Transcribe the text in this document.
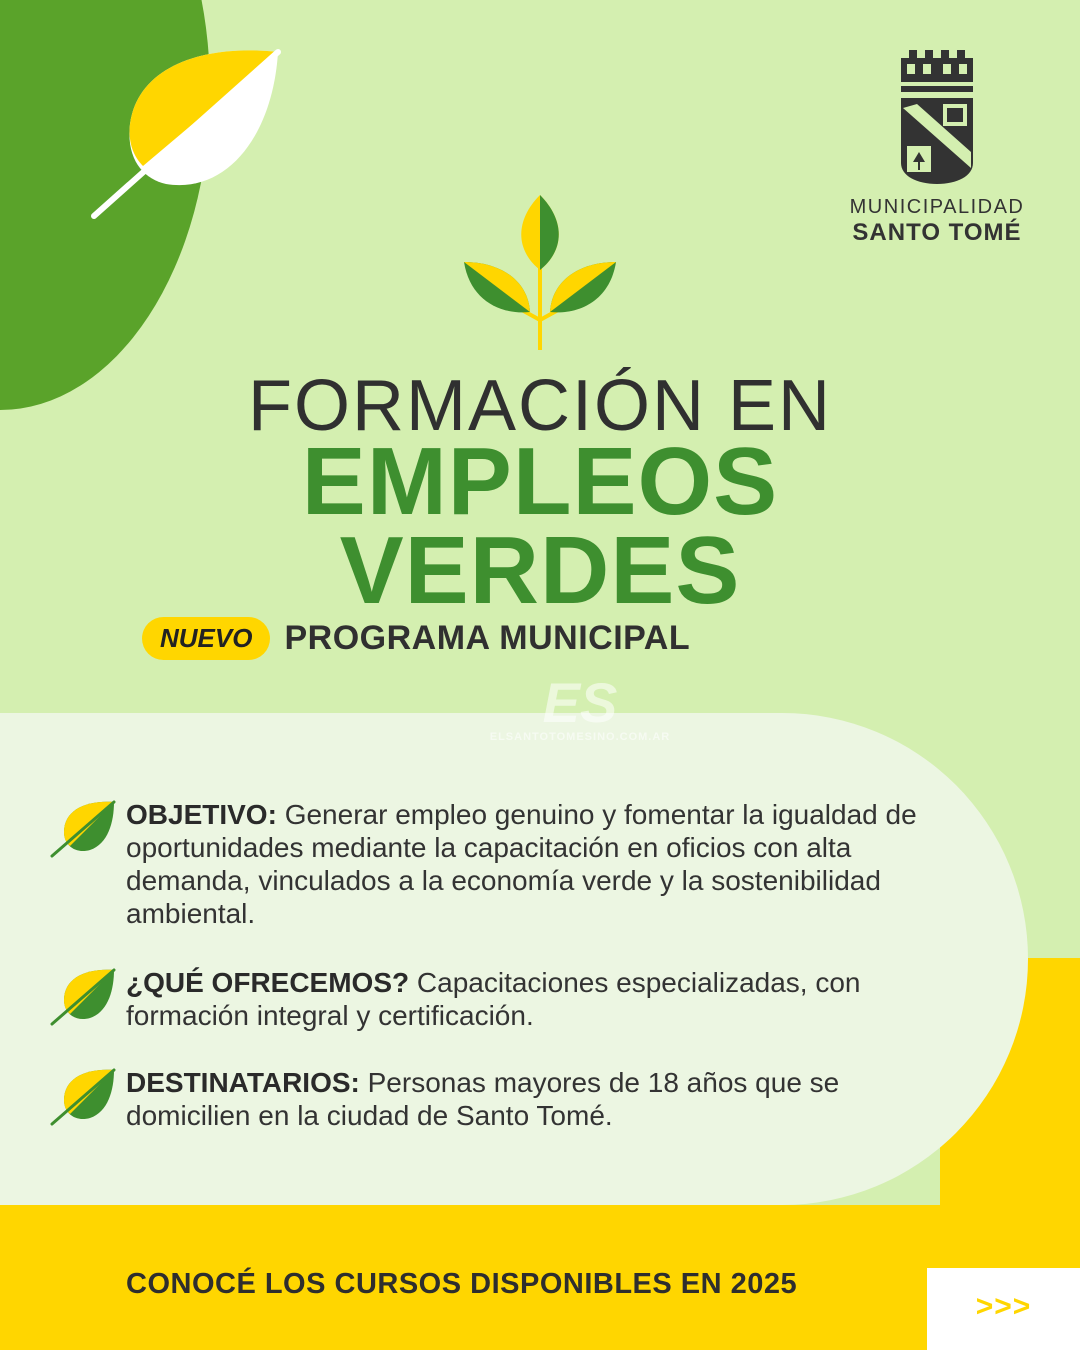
MUNICIPALIDAD
SANTO TOMÉ
FORMACIÓN EN
EMPLEOS
VERDES
NUEVO PROGRAMA MUNICIPAL
ES
ELSANTOTOMESINO.COM.AR
OBJETIVO: Generar empleo genuino y fomentar la igualdad de oportunidades mediante la capacitación en oficios con alta demanda, vinculados a la economía verde y la sostenibilidad ambiental.
¿QUÉ OFRECEMOS? Capacitaciones especializadas, con formación integral y certificación.
DESTINATARIOS: Personas mayores de 18 años que se domicilien en la ciudad de Santo Tomé.
CONOCÉ LOS CURSOS DISPONIBLES EN 2025
>>>
